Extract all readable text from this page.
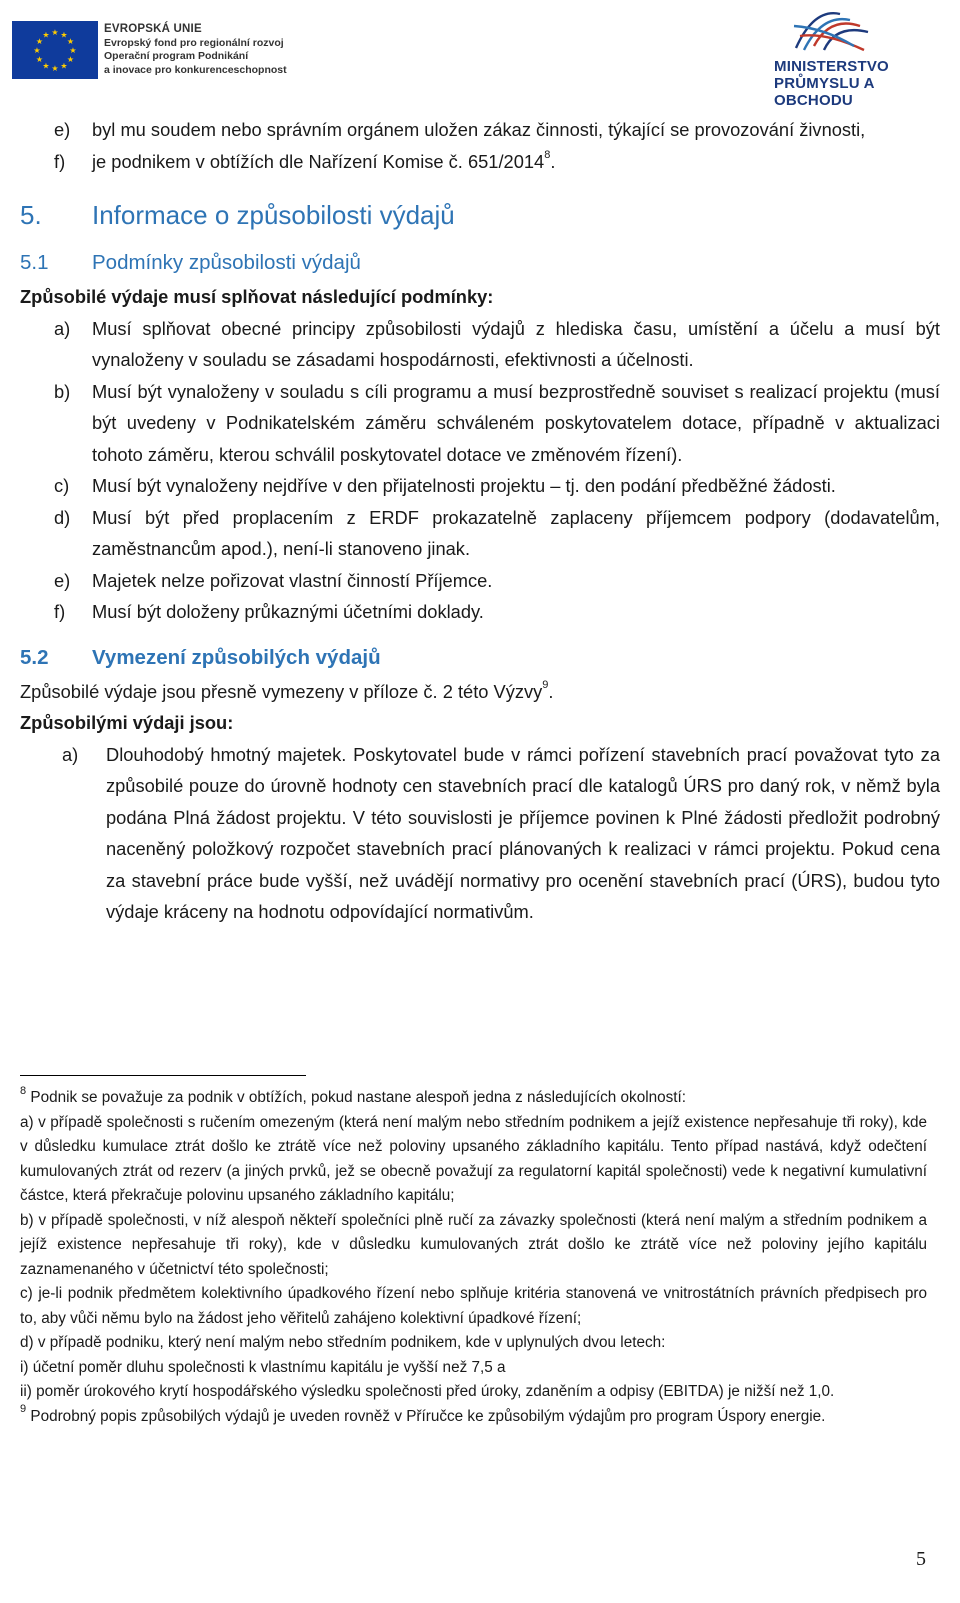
★ ★
★
★
★
★
★
★
★
★
★
★	EVROPSKÁ UNIE
Evropský fond pro regionální rozvoj
Operační program Podnikání
a inovace pro konkurenceschopnost	MINISTERSTVO
PRŮMYSLU A OBCHODU
e) byl mu soudem nebo správním orgánem uložen zákaz činnosti, týkající se provozování živnosti,
f) je podnikem v obtížích dle Nařízení Komise č. 651/2014$^8$.
5. Informace o způsobilosti výdajů
5.1 Podmínky způsobilosti výdajů
Způsobilé výdaje musí splňovat následující podmínky:
a) Musí splňovat obecné principy způsobilosti výdajů z hlediska času, umístění a účelu a musí být vynaloženy v souladu se zásadami hospodárnosti, efektivnosti a účelnosti.
b) Musí být vynaloženy v souladu s cíli programu a musí bezprostředně souviset s realizací projektu (musí být uvedeny v Podnikatelském záměru schváleném poskytovatelem dotace, případně v aktualizaci tohoto záměru, kterou schválil poskytovatel dotace ve změnovém řízení).
c) Musí být vynaloženy nejdříve v den přijatelnosti projektu – tj. den podání předběžné žádosti.
d) Musí být před proplacením z ERDF prokazatelně zaplaceny příjemcem podpory (dodavatelům, zaměstnancům apod.), není-li stanoveno jinak.
e) Majetek nelze pořizovat vlastní činností Příjemce.
f) Musí být doloženy průkaznými účetními doklady.
5.2 Vymezení způsobilých výdajů
Způsobilé výdaje jsou přesně vymezeny v příloze č. 2 této Výzvy$^9$.
Způsobilými výdaji jsou:
a) Dlouhodobý hmotný majetek. Poskytovatel bude v rámci pořízení stavebních prací považovat tyto za způsobilé pouze do úrovně hodnoty cen stavebních prací dle katalogů ÚRS pro daný rok, v němž byla podána Plná žádost projektu. V této souvislosti je příjemce povinen k Plné žádosti předložit podrobný naceněný položkový rozpočet stavebních prací plánovaných k realizaci v rámci projektu. Pokud cena za stavební práce bude vyšší, než uvádějí normativy pro ocenění stavebních prací (ÚRS), budou tyto výdaje kráceny na hodnotu odpovídající normativům.

$^8$ Podnik se považuje za podnik v obtížích, pokud nastane alespoň jedna z následujících okolností:

a) v případě společnosti s ručením omezeným (která není malým nebo středním podnikem a jejíž existence nepřesahuje tři roky), kde v důsledku kumulace ztrát došlo ke ztrátě více než poloviny upsaného základního kapitálu. Tento případ nastává, když odečtení kumulovaných ztrát od rezerv (a jiných prvků, jež se obecně považují za regulatorní kapitál společnosti) vede k negativní kumulativní částce, která překračuje polovinu upsaného základního kapitálu;

b) v případě společnosti, v níž alespoň někteří společníci plně ručí za závazky společnosti (která není malým a středním podnikem a jejíž existence nepřesahuje tři roky), kde v důsledku kumulovaných ztrát došlo ke ztrátě více než poloviny jejího kapitálu zaznamenaného v účetnictví této společnosti;

c) je-li podnik předmětem kolektivního úpadkového řízení nebo splňuje kritéria stanovená ve vnitrostátních právních předpisech pro to, aby vůči němu bylo na žádost jeho věřitelů zahájeno kolektivní úpadkové řízení;

d) v případě podniku, který není malým nebo středním podnikem, kde v uplynulých dvou letech:

i) účetní poměr dluhu společnosti k vlastnímu kapitálu je vyšší než 7,5 a

ii) poměr úrokového krytí hospodářského výsledku společnosti před úroky, zdaněním a odpisy (EBITDA) je nižší než 1,0.

$^9$ Podrobný popis způsobilých výdajů je uveden rovněž v Příručce ke způsobilým výdajům pro program Úspory energie.

5
